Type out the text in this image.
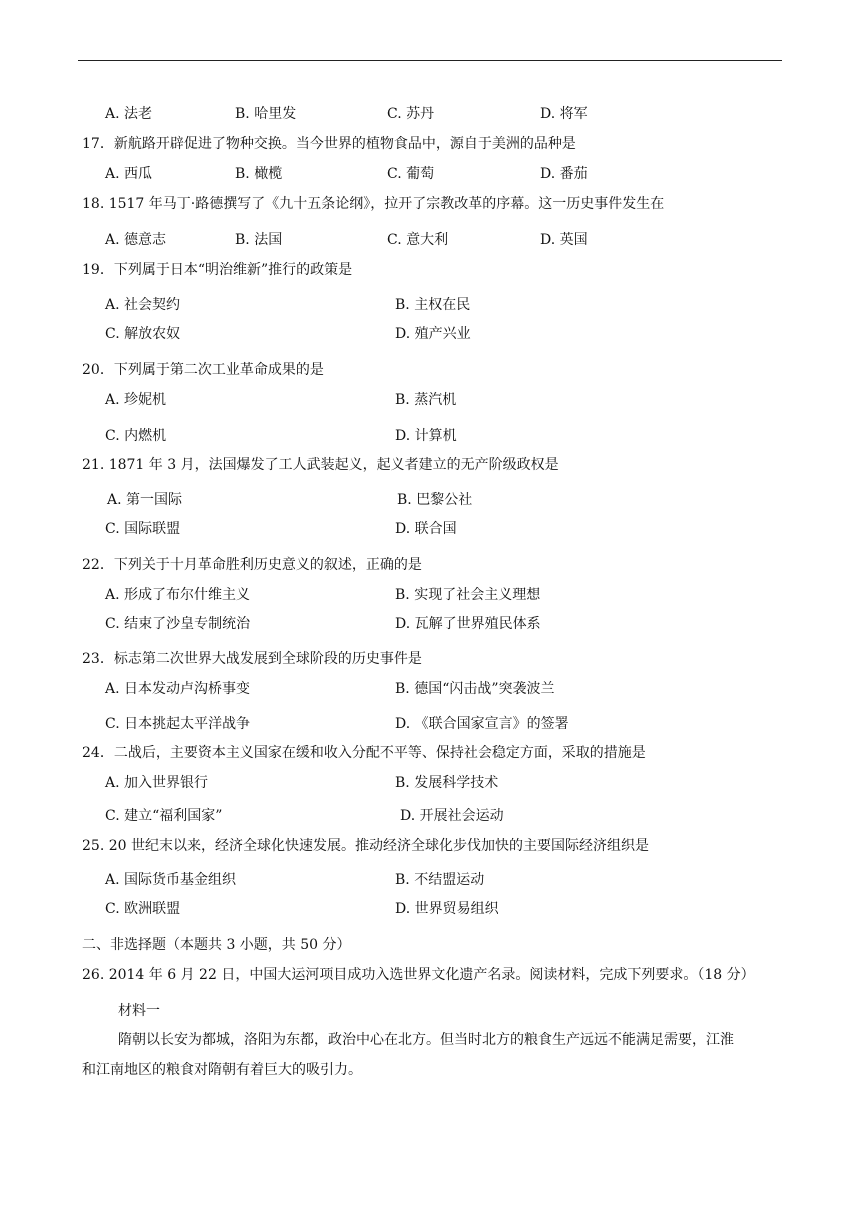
A. 法老	B. 哈里发	C. 苏丹	D. 将军
17．新航路开辟促进了物种交换。当今世界的植物食品中，源自于美洲的品种是
A. 西瓜	B. 橄榄	C. 葡萄	D. 番茄
18. 1517 年马丁·路德撰写了《九十五条论纲》，拉开了宗教改革的序幕。这一历史事件发生在
A. 德意志	B. 法国	C. 意大利	D. 英国
19．下列属于日本“明治维新”推行的政策是
A. 社会契约	B. 主权在民
C. 解放农奴	D. 殖产兴业
20．下列属于第二次工业革命成果的是
A. 珍妮机	B. 蒸汽机
C. 内燃机	D. 计算机
21. 1871 年 3 月，法国爆发了工人武装起义，起义者建立的无产阶级政权是
A. 第一国际	B. 巴黎公社
C. 国际联盟	D. 联合国
22．下列关于十月革命胜利历史意义的叙述，正确的是
A. 形成了布尔什维主义	B. 实现了社会主义理想
C. 结束了沙皇专制统治	D. 瓦解了世界殖民体系
23．标志第二次世界大战发展到全球阶段的历史事件是
A. 日本发动卢沟桥事变	B. 德国“闪击战”突袭波兰
C. 日本挑起太平洋战争	D. 《联合国家宣言》的签署
24．二战后，主要资本主义国家在缓和收入分配不平等、保持社会稳定方面，采取的措施是
A. 加入世界银行	B. 发展科学技术
C. 建立“福利国家”	D. 开展社会运动
25. 20 世纪末以来，经济全球化快速发展。推动经济全球化步伐加快的主要国际经济组织是
A. 国际货币基金组织	B. 不结盟运动
C. 欧洲联盟	D. 世界贸易组织
二、非选择题（本题共 3 小题，共 50 分）
26. 2014 年 6 月 22 日，中国大运河项目成功入选世界文化遗产名录。阅读材料，完成下列要求。（18 分）
材料一
隋朝以长安为都城，洛阳为东都，政治中心在北方。但当时北方的粮食生产远远不能满足需要，江淮
和江南地区的粮食对隋朝有着巨大的吸引力。
